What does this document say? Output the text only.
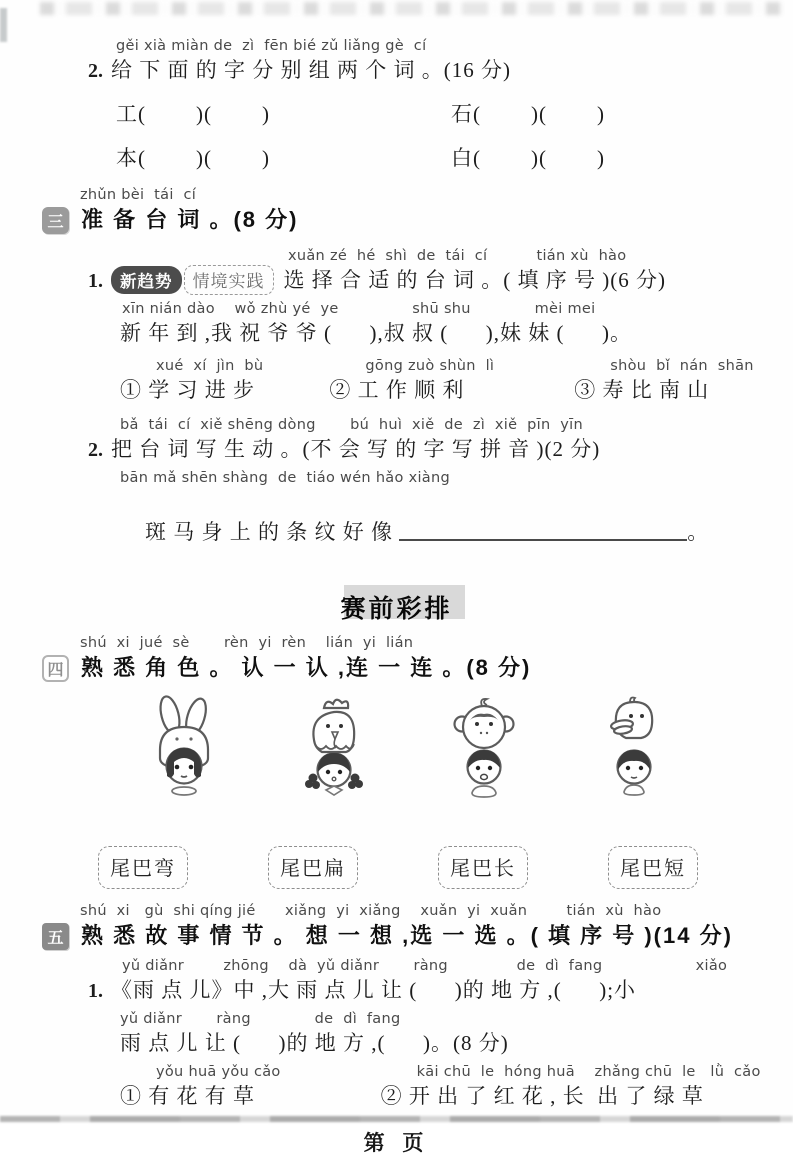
gěi xià miàn de  zì  fēn bié zǔ liǎng gè  cí
2. 给 下 面 的 字 分 别 组 两 个 词 。(16 分)
工(        )(        )	石(        )(        )
本(        )(        )	白(        )(        )
zhǔn bèi  tái  cí
三 准 备 台 词 。(8 分)
xuǎn zé  hé  shì  de  tái  cí          tián xù  hào
1.	新趋势	情境实践 选 择 合 适 的 台 词 。( 填 序 号 )(6 分)
xīn nián dào    wǒ zhù yé  ye               shū shu             mèi mei
新 年 到 ,我 祝 爷 爷 (      ),叔 叔 (      ),妹 妹 (      )。
xué  xí  jìn  bù
① 学 习 进 步
gōng zuò shùn  lì
② 工 作 顺 利
shòu  bǐ  nán  shān
③ 寿 比 南 山
bǎ  tái  cí  xiě shēng dòng       bú  huì  xiě  de  zì  xiě  pīn  yīn
2. 把 台 词 写 生 动 。(不 会 写 的 字 写 拼 音 )(2 分)
bān mǎ shēn shàng  de  tiáo wén hǎo xiàng

斑 马 身 上 的 条 纹 好 像	。

赛前彩排
shú  xi  jué  sè       rèn  yi  rèn    lián  yi  lián
四 熟 悉 角 色 。 认 一 认 ,连 一 连 。(8 分)
尾巴弯	尾巴扁	尾巴长	尾巴短
shú  xi   gù  shi qíng jié      xiǎng  yi  xiǎng    xuǎn  yi  xuǎn        tián  xù  hào
五 熟 悉 故 事 情 节 。 想 一 想 ,选 一 选 。( 填 序 号 )(14 分)
yǔ diǎnr        zhōng    dà  yǔ diǎnr       ràng              de  dì  fang                   xiǎo
1. 《雨 点 儿》中 ,大 雨 点 儿 让 (      )的 地 方 ,(      );小
yǔ diǎnr       ràng             de  dì  fang
雨 点 儿 让 (      )的 地 方 ,(      )。(8 分)
yǒu huā yǒu cǎo
① 有 花 有 草
kāi chū  le  hóng huā    zhǎng chū  le   lǜ  cǎo
② 开 出 了 红 花 , 长  出 了 绿 草
第 页
